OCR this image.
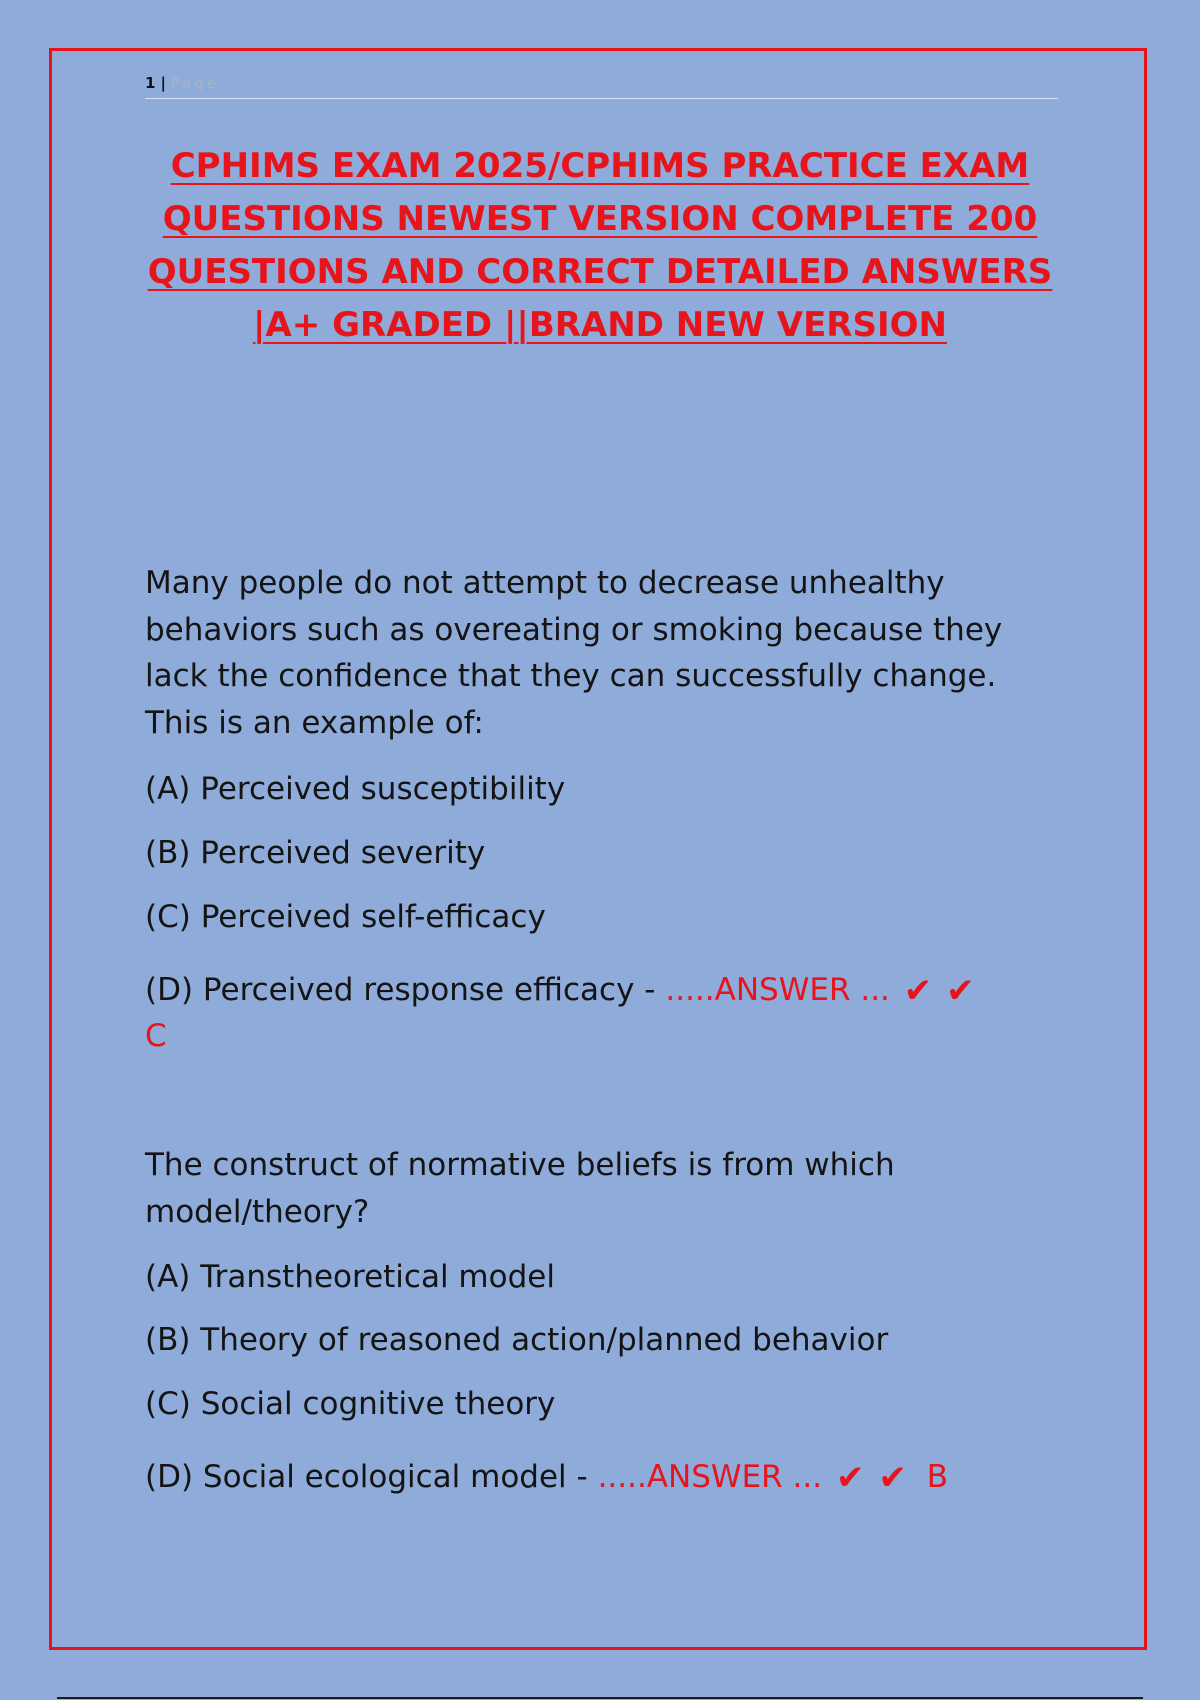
1 | Page
CPHIMS EXAM 2025/CPHIMS PRACTICE EXAM
QUESTIONS NEWEST VERSION COMPLETE 200
QUESTIONS AND CORRECT DETAILED ANSWERS
|A+ GRADED ||BRAND NEW VERSION
Many people do not attempt to decrease unhealthy
behaviors such as overeating or smoking because they
lack the confidence that they can successfully change.
This is an example of:
(A) Perceived susceptibility
(B) Perceived severity
(C) Perceived self-efficacy
(D) Perceived response efficacy - .....ANSWER ... ✔ ✔
C
The construct of normative beliefs is from which
model/theory?
(A) Transtheoretical model
(B) Theory of reasoned action/planned behavior
(C) Social cognitive theory
(D) Social ecological model - .....ANSWER ... ✔ ✔ B
